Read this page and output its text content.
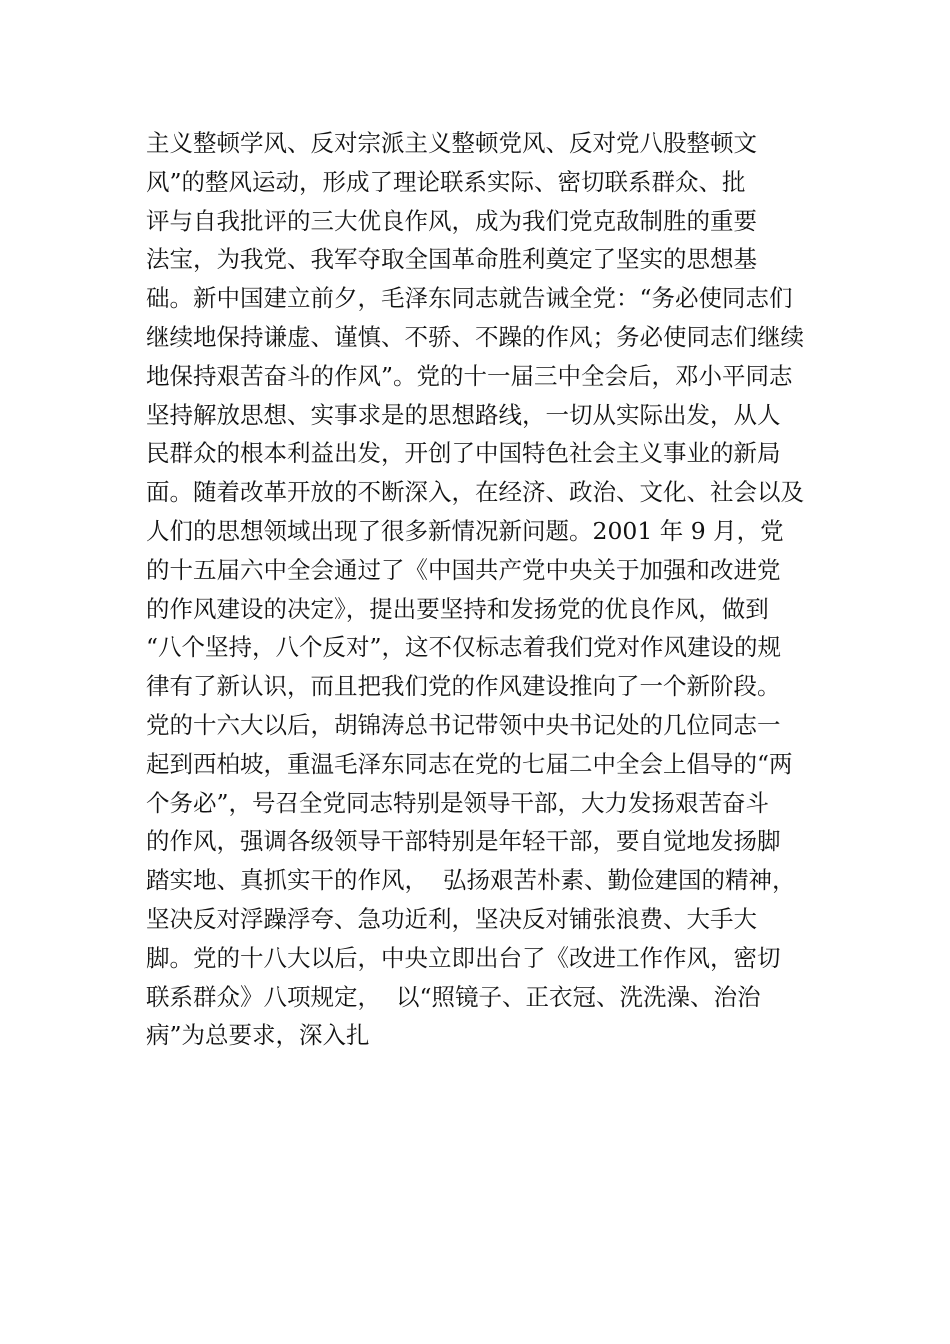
主义整顿学风、反对宗派主义整顿党风、反对党八股整顿文
风”的整风运动，形成了理论联系实际、密切联系群众、批
评与自我批评的三大优良作风，成为我们党克敌制胜的重要
法宝，为我党、我军夺取全国革命胜利奠定了坚实的思想基
础。新中国建立前夕，毛泽东同志就告诫全党：“务必使同志们
继续地保持谦虚、谨慎、不骄、不躁的作风；务必使同志们继续
地保持艰苦奋斗的作风”。党的十一届三中全会后，邓小平同志
坚持解放思想、实事求是的思想路线，一切从实际出发，从人
民群众的根本利益出发，开创了中国特色社会主义事业的新局
面。随着改革开放的不断深入，在经济、政治、文化、社会以及
人们的思想领域出现了很多新情况新问题。2001 年 9 月，党
的十五届六中全会通过了《中国共产党中央关于加强和改进党
的作风建设的决定》，提出要坚持和发扬党的优良作风，做到
“八个坚持，八个反对”，这不仅标志着我们党对作风建设的规
律有了新认识，而且把我们党的作风建设推向了一个新阶段。
党的十六大以后，胡锦涛总书记带领中央书记处的几位同志一
起到西柏坡，重温毛泽东同志在党的七届二中全会上倡导的“两
个务必”，号召全党同志特别是领导干部，大力发扬艰苦奋斗
的作风，强调各级领导干部特别是年轻干部，要自觉地发扬脚
踏实地、真抓实干的作风，  弘扬艰苦朴素、勤俭建国的精神，
坚决反对浮躁浮夸、急功近利，坚决反对铺张浪费、大手大
脚。党的十八大以后，中央立即出台了《改进工作作风，密切
联系群众》八项规定，  以“照镜子、正衣冠、洗洗澡、治治
病”为总要求，深入扎
